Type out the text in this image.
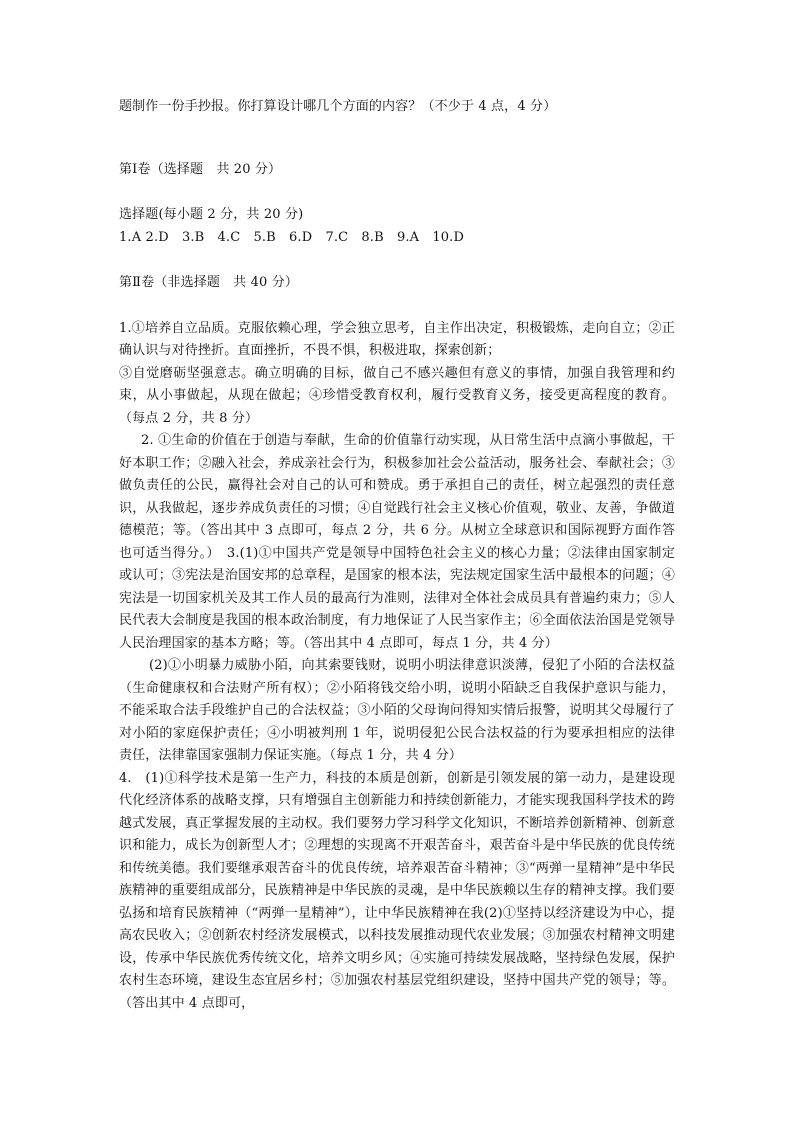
题制作一份手抄报。你打算设计哪几个方面的内容？（不少于 4 点，4 分）

第Ⅰ卷（选择题　共 20 分）

选择题(每小题 2 分，共 20 分)

1.A 2.D　3.B　4.C　5.B　6.D　7.C　8.B　9.A　10.D

第Ⅱ卷（非选择题　共 40 分）

1.①培养自立品质。克服依赖心理，学会独立思考，自主作出决定，积极锻炼，走向自立；②正确认识与对待挫折。直面挫折，不畏不惧，积极进取，探索创新；

③自觉磨砺坚强意志。确立明确的目标，做自己不感兴趣但有意义的事情，加强自我管理和约束，从小事做起，从现在做起；④珍惜受教育权利，履行受教育义务，接受更高程度的教育。（每点 2 分，共 8 分）

2. ①生命的价值在于创造与奉献，生命的价值靠行动实现，从日常生活中点滴小事做起，干好本职工作；②融入社会，养成亲社会行为，积极参加社会公益活动，服务社会、奉献社会；③做负责任的公民，赢得社会对自己的认可和赞成。勇于承担自己的责任，树立起强烈的责任意识，从我做起，逐步养成负责任的习惯；④自觉践行社会主义核心价值观，敬业、友善，争做道德模范；等。（答出其中 3 点即可，每点 2 分，共 6 分。从树立全球意识和国际视野方面作答也可适当得分。）　3.(1)①中国共产党是领导中国特色社会主义的核心力量；②法律由国家制定或认可；③宪法是治国安邦的总章程，是国家的根本法，宪法规定国家生活中最根本的问题；④宪法是一切国家机关及其工作人员的最高行为准则，法律对全体社会成员具有普遍约束力；⑤人民代表大会制度是我国的根本政治制度，有力地保证了人民当家作主；⑥全面依法治国是党领导人民治理国家的基本方略；等。（答出其中 4 点即可，每点 1 分，共 4 分）

(2)①小明暴力威胁小陌，向其索要钱财，说明小明法律意识淡薄，侵犯了小陌的合法权益（生命健康权和合法财产所有权）；②小陌将钱交给小明，说明小陌缺乏自我保护意识与能力，不能采取合法手段维护自己的合法权益；③小陌的父母询问得知实情后报警，说明其父母履行了对小陌的家庭保护责任；④小明被判刑 1 年，说明侵犯公民合法权益的行为要承担相应的法律责任，法律靠国家强制力保证实施。（每点 1 分，共 4 分）

4.　(1)①科学技术是第一生产力，科技的本质是创新，创新是引领发展的第一动力，是建设现代化经济体系的战略支撑，只有增强自主创新能力和持续创新能力，才能实现我国科学技术的跨越式发展，真正掌握发展的主动权。我们要努力学习科学文化知识，不断培养创新精神、创新意识和能力，成长为创新型人才；②理想的实现离不开艰苦奋斗，艰苦奋斗是中华民族的优良传统和传统美德。我们要继承艰苦奋斗的优良传统，培养艰苦奋斗精神；③“两弹一星精神”是中华民族精神的重要组成部分，民族精神是中华民族的灵魂，是中华民族赖以生存的精神支撑。我们要弘扬和培育民族精神（“两弹一星精神”），让中华民族精神在我(2)①坚持以经济建设为中心，提高农民收入；②创新农村经济发展模式，以科技发展推动现代农业发展；③加强农村精神文明建设，传承中华民族优秀传统文化，培养文明乡风；④实施可持续发展战略，坚持绿色发展，保护农村生态环境，建设生态宜居乡村；⑤加强农村基层党组织建设，坚持中国共产党的领导；等。（答出其中 4 点即可，
